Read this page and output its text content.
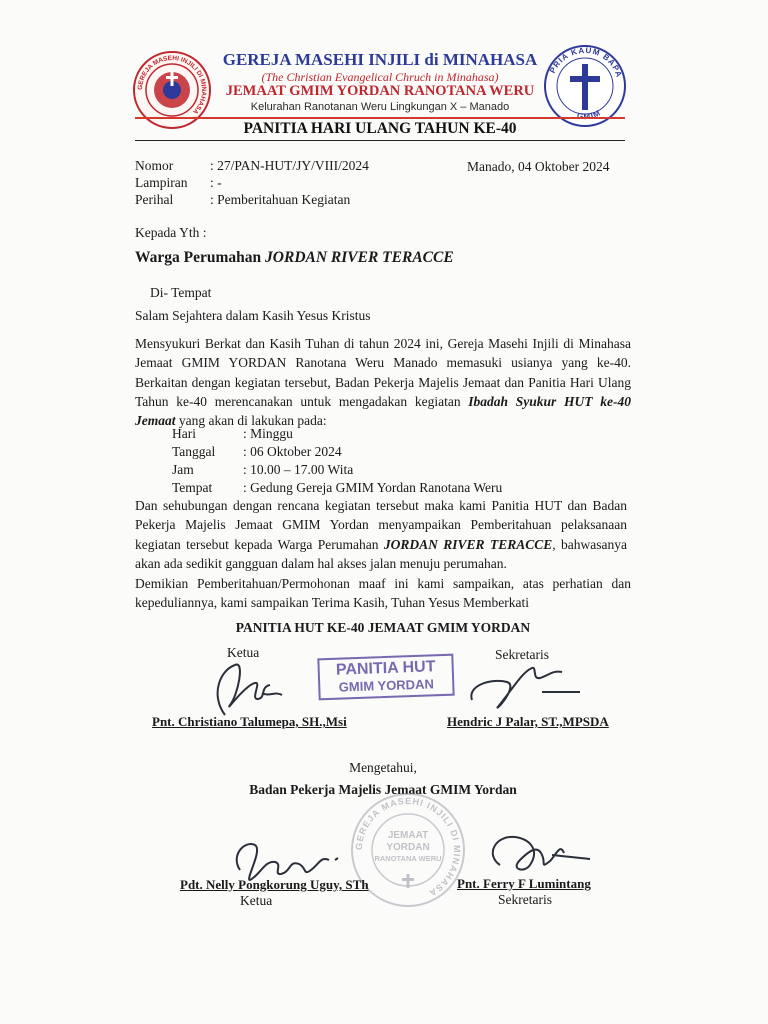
GEREJA MASEHI INJILI DI MINAHASA
PRIA KAUM BAPA
GMIM
GEREJA MASEHI INJILI di MINAHASA
(The Christian Evangelical Chruch in Minahasa)
JEMAAT GMIM YORDAN RANOTANA WERU
Kelurahan Ranotanan Weru Lingkungan X – Manado
PANITIA HARI ULANG TAHUN KE-40
Nomor	: 27/PAN-HUT/JY/VIII/2024
Lampiran : -
Perihal	: Pemberitahuan Kegiatan
Manado, 04 Oktober 2024
Kepada Yth :
Warga Perumahan JORDAN RIVER TERACCE
Di- Tempat
Salam Sejahtera dalam Kasih Yesus Kristus
Mensyukuri Berkat dan Kasih Tuhan di tahun 2024 ini, Gereja Masehi Injili di Minahasa Jemaat GMIM YORDAN Ranotana Weru Manado memasuki usianya yang ke-40. Berkaitan dengan kegiatan tersebut, Badan Pekerja Majelis Jemaat dan Panitia Hari Ulang Tahun ke-40 merencanakan untuk mengadakan kegiatan Ibadah Syukur HUT ke-40 Jemaat yang akan di lakukan pada:
Hari	: Minggu
Tanggal : 06 Oktober 2024
Jam	: 10.00 – 17.00 Wita
Tempat : Gedung Gereja GMIM Yordan Ranotana Weru
Dan sehubungan dengan rencana kegiatan tersebut maka kami Panitia HUT dan Badan Pekerja Majelis Jemaat GMIM Yordan menyampaikan Pemberitahuan pelaksanaan kegiatan tersebut kepada Warga Perumahan JORDAN RIVER TERACCE, bahwasanya akan ada sedikit gangguan dalam hal akses jalan menuju perumahan.
Demikian Pemberitahuan/Permohonan maaf ini kami sampaikan, atas perhatian dan kepeduliannya, kami sampaikan Terima Kasih, Tuhan Yesus Memberkati
PANITIA HUT KE-40 JEMAAT GMIM YORDAN
Ketua	Sekretaris
PANITIA HUT
GMIM YORDAN
Pnt. Christiano Talumepa, SH.,Msi	Hendric J Palar, ST.,MPSDA
Mengetahui,
Badan Pekerja Majelis Jemaat GMIM Yordan
GEREJA MASEHI INJILI DI MINAHASA
JEMAAT
YORDAN
RANOTANA WERU
Pdt. Nelly Pongkorung Uguy, STh
Ketua
Pnt. Ferry F Lumintang
Sekretaris
